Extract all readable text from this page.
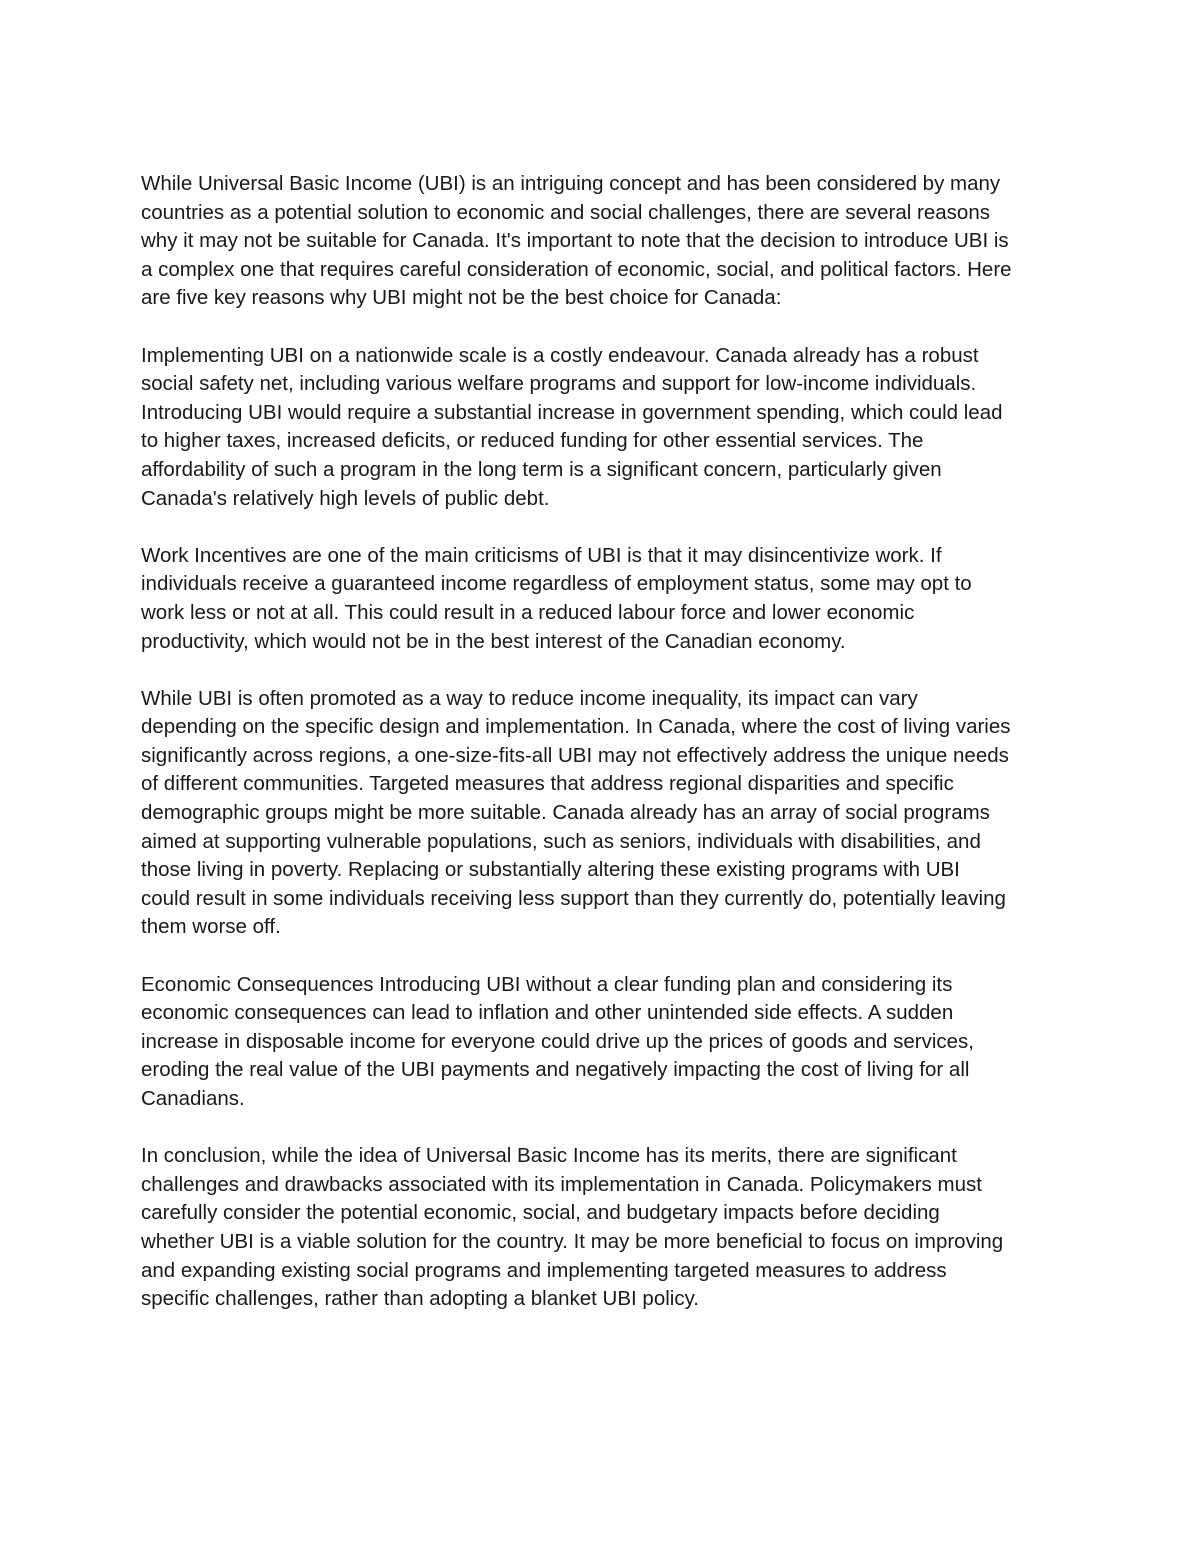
While Universal Basic Income (UBI) is an intriguing concept and has been considered by many
countries as a potential solution to economic and social challenges, there are several reasons
why it may not be suitable for Canada. It's important to note that the decision to introduce UBI is
a complex one that requires careful consideration of economic, social, and political factors. Here
are five key reasons why UBI might not be the best choice for Canada:

Implementing UBI on a nationwide scale is a costly endeavour. Canada already has a robust
social safety net, including various welfare programs and support for low-income individuals.
Introducing UBI would require a substantial increase in government spending, which could lead
to higher taxes, increased deficits, or reduced funding for other essential services. The
affordability of such a program in the long term is a significant concern, particularly given
Canada's relatively high levels of public debt.

Work Incentives are one of the main criticisms of UBI is that it may disincentivize work. If
individuals receive a guaranteed income regardless of employment status, some may opt to
work less or not at all. This could result in a reduced labour force and lower economic
productivity, which would not be in the best interest of the Canadian economy.

While UBI is often promoted as a way to reduce income inequality, its impact can vary
depending on the specific design and implementation. In Canada, where the cost of living varies
significantly across regions, a one-size-fits-all UBI may not effectively address the unique needs
of different communities. Targeted measures that address regional disparities and specific
demographic groups might be more suitable. Canada already has an array of social programs
aimed at supporting vulnerable populations, such as seniors, individuals with disabilities, and
those living in poverty. Replacing or substantially altering these existing programs with UBI
could result in some individuals receiving less support than they currently do, potentially leaving
them worse off.

Economic Consequences Introducing UBI without a clear funding plan and considering its
economic consequences can lead to inflation and other unintended side effects. A sudden
increase in disposable income for everyone could drive up the prices of goods and services,
eroding the real value of the UBI payments and negatively impacting the cost of living for all
Canadians.

In conclusion, while the idea of Universal Basic Income has its merits, there are significant
challenges and drawbacks associated with its implementation in Canada. Policymakers must
carefully consider the potential economic, social, and budgetary impacts before deciding
whether UBI is a viable solution for the country. It may be more beneficial to focus on improving
and expanding existing social programs and implementing targeted measures to address
specific challenges, rather than adopting a blanket UBI policy.
